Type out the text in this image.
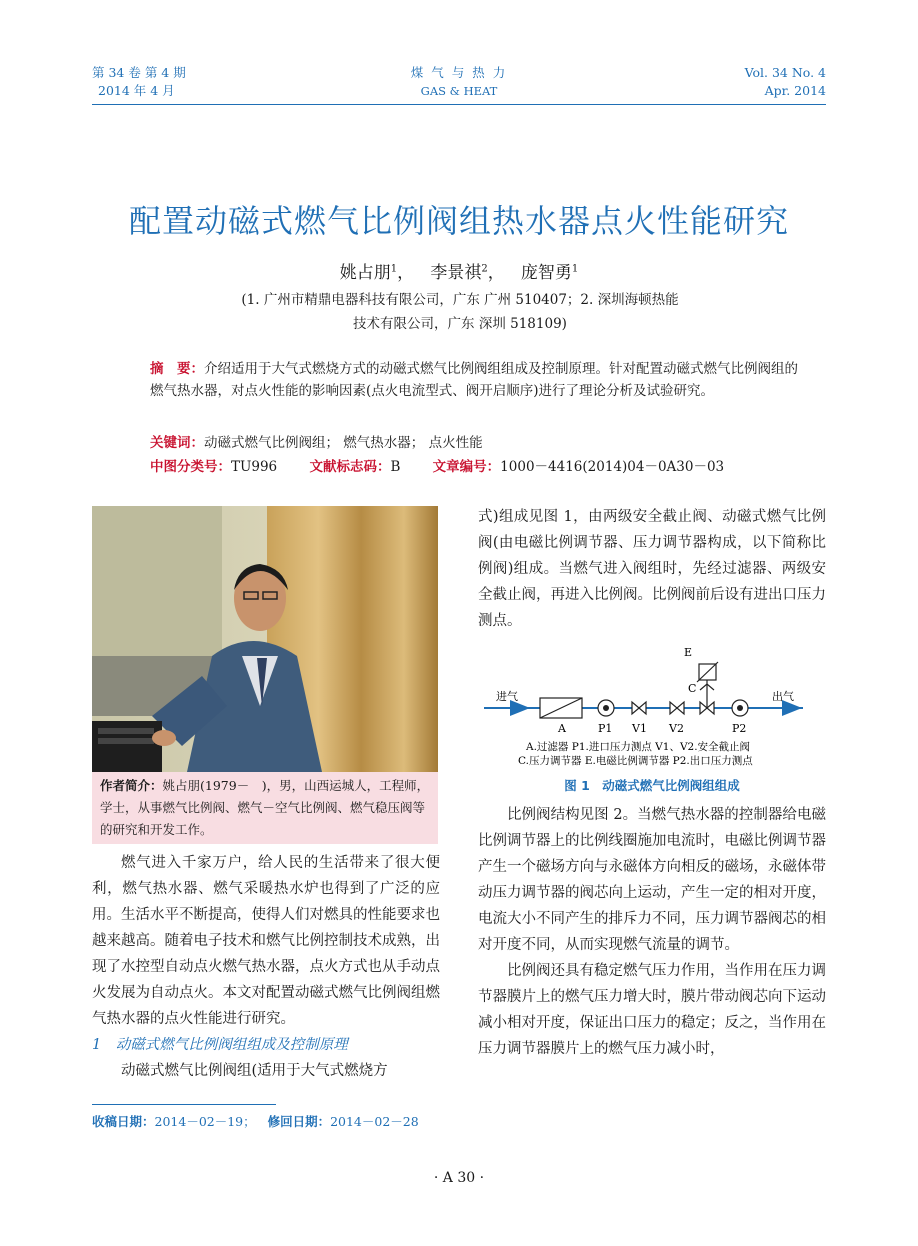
第 34 卷 第 4 期
2014 年 4 月
煤 气 与 热 力
GAS & HEAT
Vol. 34 No. 4
Apr. 2014
配置动磁式燃气比例阀组热水器点火性能研究
姚占朋$^1$，   李景祺$^2$，   庞智勇$^1$
(1. 广州市精鼎电器科技有限公司，广东 广州 510407；2. 深圳海顿热能
技术有限公司，广东 深圳 518109)
摘　要：介绍适用于大气式燃烧方式的动磁式燃气比例阀组组成及控制原理。针对配置动磁式燃气比例阀组的燃气热水器，对点火性能的影响因素(点火电流型式、阀开启顺序)进行了理论分析及试验研究。
关键词：动磁式燃气比例阀组； 燃气热水器； 点火性能
中图分类号：TU996 文献标志码：B 文章编号：1000－4416(2014)04－0A30－03
作者简介：姚占朋(1979－　)，男，山西运城人，工程师，学士，从事燃气比例阀、燃气－空气比例阀、燃气稳压阀等的研究和开发工作。

燃气进入千家万户，给人民的生活带来了很大便利，燃气热水器、燃气采暖热水炉也得到了广泛的应用。生活水平不断提高，使得人们对燃具的性能要求也越来越高。随着电子技术和燃气比例控制技术成熟，出现了水控型自动点火燃气热水器，点火方式也从手动点火发展为自动点火。本文对配置动磁式燃气比例阀组燃气热水器的点火性能进行研究。

1　动磁式燃气比例阀组组成及控制原理

动磁式燃气比例阀组(适用于大气式燃烧方

式)组成见图 1，由两级安全截止阀、动磁式燃气比例阀(由电磁比例调节器、压力调节器构成，以下简称比例阀)组成。当燃气进入阀组时，先经过滤器、两级安全截止阀，再进入比例阀。比例阀前后设有进出口压力测点。

进气	出气
A	P1 V1 V2
C
E
P2
A.过滤器 P1.进口压力测点 V1、V2.安全截止阀
C.压力调节器 E.电磁比例调节器 P2.出口压力测点
图 1　动磁式燃气比例阀组组成

比例阀结构见图 2。当燃气热水器的控制器给电磁比例调节器上的比例线圈施加电流时，电磁比例调节器产生一个磁场方向与永磁体方向相反的磁场，永磁体带动压力调节器的阀芯向上运动，产生一定的相对开度，电流大小不同产生的排斥力不同，压力调节器阀芯的相对开度不同，从而实现燃气流量的调节。

比例阀还具有稳定燃气压力作用，当作用在压力调节器膜片上的燃气压力增大时，膜片带动阀芯向下运动减小相对开度，保证出口压力的稳定；反之，当作用在压力调节器膜片上的燃气压力减小时，

收稿日期：2014－02－19； 修回日期：2014－02－28
· A 30 ·
